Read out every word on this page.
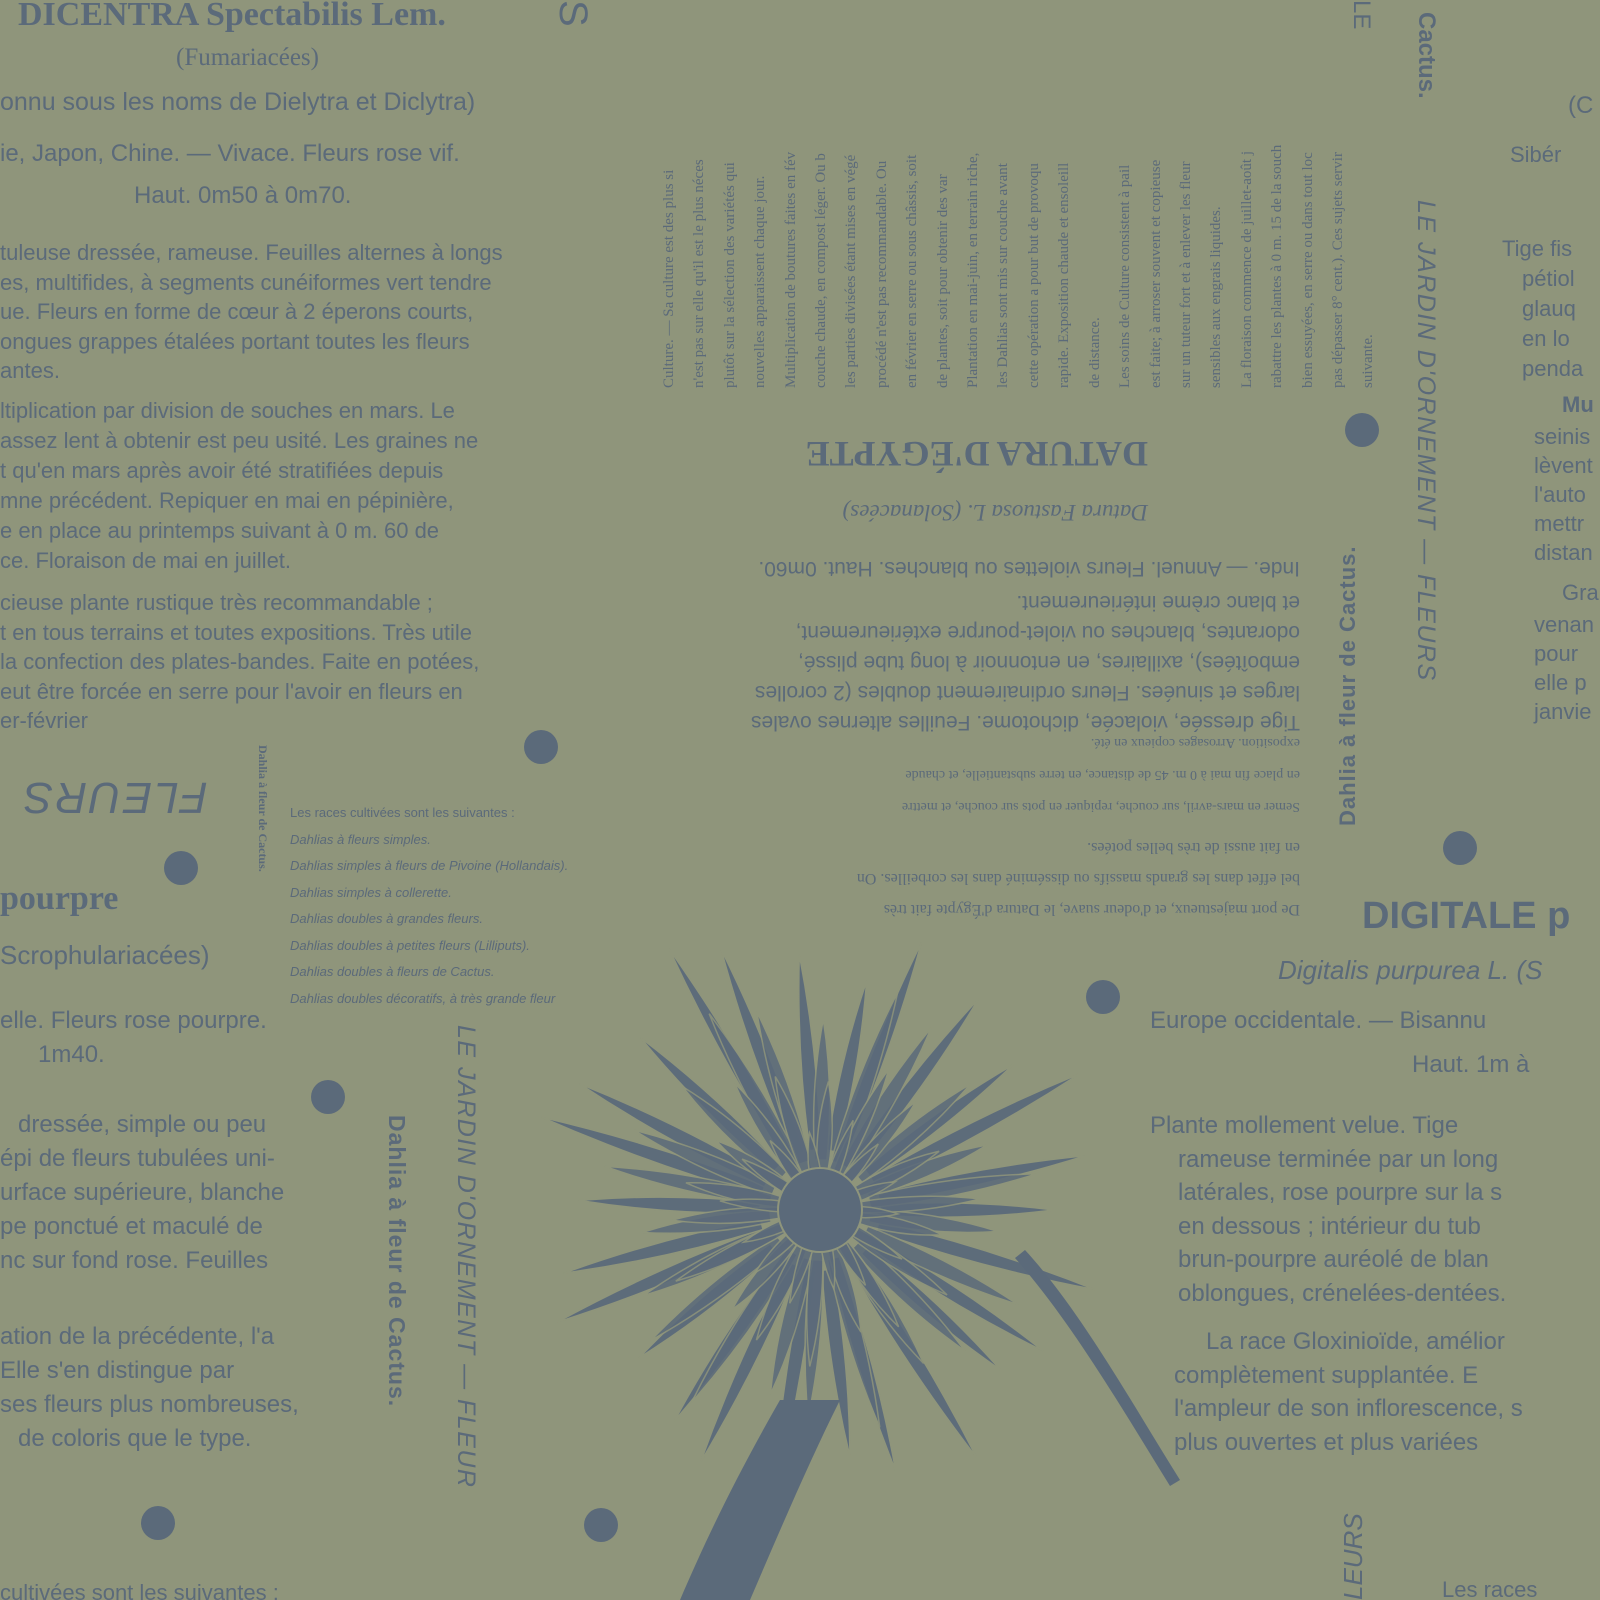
DICENTRA Spectabilis Lem.
(Fumariacées)
onnu sous les noms de Dielytra et Diclytra)
ie, Japon, Chine. — Vivace. Fleurs rose vif.
Haut. 0m50 à 0m70.
tuleuse dressée, rameuse. Feuilles alternes à longs
es, multifides, à segments cunéiformes vert tendre
ue. Fleurs en forme de cœur à 2 éperons courts,
ongues grappes étalées portant toutes les fleurs
antes.
ltiplication par division de souches en mars. Le
assez lent à obtenir est peu usité. Les graines ne
t qu'en mars après avoir été stratifiées depuis
mne précédent. Repiquer en mai en pépinière,
e en place au printemps suivant à 0 m. 60 de
ce. Floraison de mai en juillet.
cieuse plante rustique très recommandable ;
t en tous terrains et toutes expositions. Très utile
la confection des plates-bandes. Faite en potées,
eut être forcée en serre pour l'avoir en fleurs en
er-février
FLEURS
pourpre
Scrophulariacées)
elle. Fleurs rose pourpre.
1m40.
dressée, simple ou peu
épi de fleurs tubulées uni-
urface supérieure, blanche
pe ponctué et maculé de
nc sur fond rose. Feuilles
ation de la précédente, l'a
Elle s'en distingue par
ses fleurs plus nombreuses,
de coloris que le type.
cultivées sont les suivantes :
Dahlia à fleur de Cactus. Les races cultivées sont les suivantes :
Dahlias à fleurs simples.
Dahlias simples à fleurs de Pivoine (Hollandais).
Dahlias simples à collerette.
Dahlias doubles à grandes fleurs.
Dahlias doubles à petites fleurs (Lilliputs).
Dahlias doubles à fleurs de Cactus.
Dahlias doubles décoratifs, à très grande fleur
Dahlia à fleur de Cactus. LE JARDIN D'ORNEMENT — FLEUR
Culture. — Sa culture est des plus si n'est pas sur elle qu'il est le plus néces plutôt sur la sélection des variétés qui nouvelles apparaissent chaque jour. Multiplication de boutures faites en fév couche chaude, en compost léger. Ou b les parties divisées étant mises en végé procédé n'est pas recommandable. Ou en février en serre ou sous châssis, soit de plantes, soit pour obtenir des var Plantation en mai-juin, en terrain riche, les Dahlias sont mis sur couche avant cette opération a pour but de provoqu rapide. Exposition chaude et ensoleill de distance. Les soins de Culture consistent à pail est faite; à arroser souvent et copieuse sur un tuteur fort et à enlever les fleur sensibles aux engrais liquides. La floraison commence de juillet-août j rabattre les plantes à 0 m. 15 de la souch bien essuyées, en serre ou dans tout loc pas dépasser 8° cent.). Ces sujets servir suivante.
S
De port majestueux, et d'odeur suave, le Datura d'Égypte fait très
bel effet dans les grands massifs ou disséminé dans les corbeilles. On
en fait aussi de très belles potées.
Semer en mars-avril, sur couche, repiquer en pots sur couche, et mettre
en place fin mai à 0 m. 45 de distance, en terre substantielle, et chaude
exposition. Arrosages copieux en été.
Tige dressée, violacée, dichotome. Feuilles alternes ovales
larges et sinuées. Fleurs ordinairement doubles (2 corolles
emboîtées), axillaires, en entonnoir à long tube plissé,
odorantes, blanches ou violet-pourpre extérieurement,
et blanc crème intérieurement.
Inde. — Annuel. Fleurs violettes ou blanches. Haut. 0m60.
Datura Fastuosa L. (Solanacées)
DATURA D'ÉGYPTE
Dahlia à fleur de Cactus.
LE JARDIN D'ORNEMENT — FLEURS
Cactus.
LE
DIGITALE p
Digitalis purpurea L. (S
Europe occidentale. — Bisannu
Haut. 1m à
Plante mollement velue. Tige
rameuse terminée par un long
latérales, rose pourpre sur la s
en dessous ; intérieur du tub
brun-pourpre auréolé de blan
oblongues, crénelées-dentées.
La race Gloxinioïde, amélior
complètement supplantée. E
l'ampleur de son inflorescence, s
plus ouvertes et plus variées
Les races
LEURS
(C
Sibér
Tige fis
pétiol
glauq
en lo
penda
Mu
seinis
lèvent
l'auto
mettr
distan
Gra
venan
pour
elle p
janvie
